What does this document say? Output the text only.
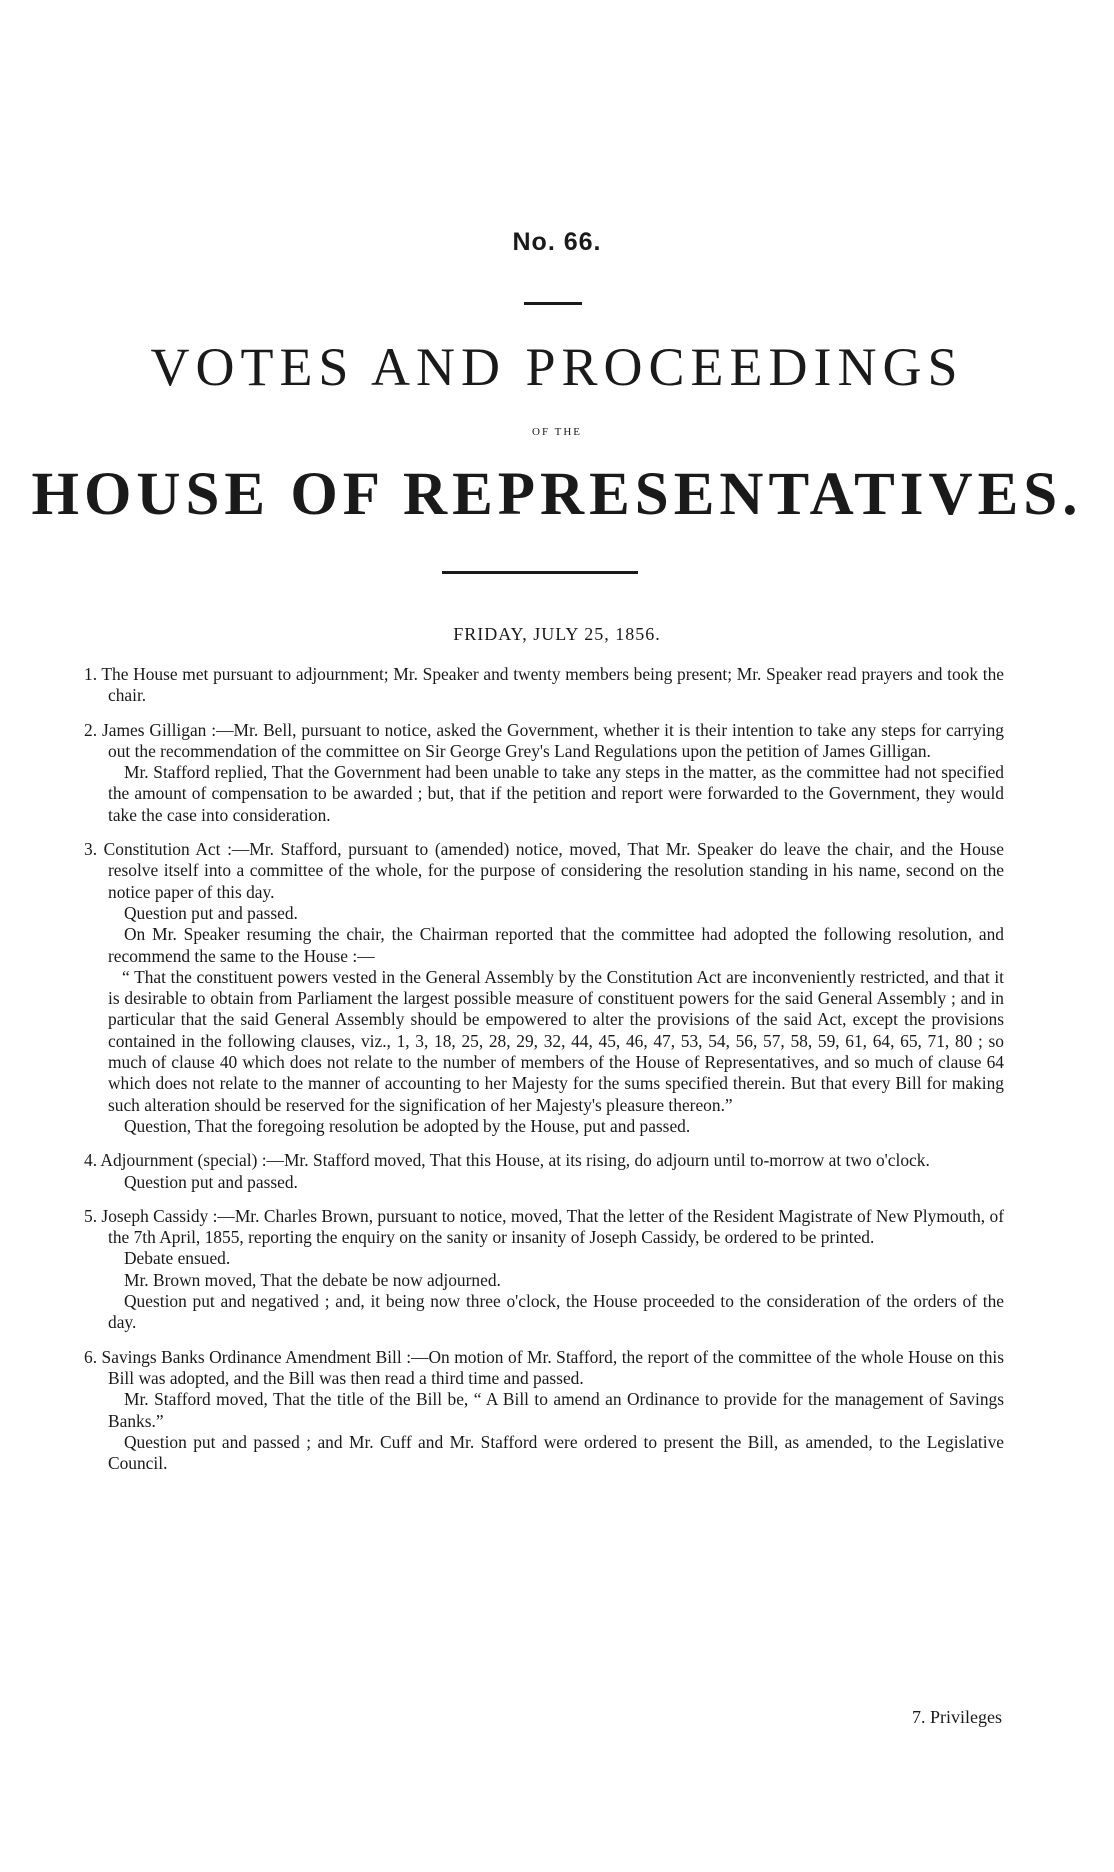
No. 66.
VOTES AND PROCEEDINGS
OF THE
HOUSE OF REPRESENTATIVES.
FRIDAY, JULY 25, 1856.

1. The House met pursuant to adjournment; Mr. Speaker and twenty members being present; Mr. Speaker read prayers and took the chair.

2. James Gilligan :—Mr. Bell, pursuant to notice, asked the Government, whether it is their intention to take any steps for carrying out the recommendation of the committee on Sir George Grey's Land Regulations upon the petition of James Gilligan.

Mr. Stafford replied, That the Government had been unable to take any steps in the matter, as the committee had not specified the amount of compensation to be awarded ; but, that if the petition and report were forwarded to the Government, they would take the case into consideration.

3. Constitution Act :—Mr. Stafford, pursuant to (amended) notice, moved, That Mr. Speaker do leave the chair, and the House resolve itself into a committee of the whole, for the purpose of considering the resolution standing in his name, second on the notice paper of this day.

Question put and passed.

On Mr. Speaker resuming the chair, the Chairman reported that the committee had adopted the following resolution, and recommend the same to the House :—

“ That the constituent powers vested in the General Assembly by the Constitution Act are inconveniently restricted, and that it is desirable to obtain from Parliament the largest possible measure of constituent powers for the said General Assembly ; and in particular that the said General Assembly should be empowered to alter the provisions of the said Act, except the provisions contained in the following clauses, viz., 1, 3, 18, 25, 28, 29, 32, 44, 45, 46, 47, 53, 54, 56, 57, 58, 59, 61, 64, 65, 71, 80 ; so much of clause 40 which does not relate to the number of members of the House of Representatives, and so much of clause 64 which does not relate to the manner of accounting to her Majesty for the sums specified therein. But that every Bill for making such alteration should be reserved for the signification of her Majesty's pleasure thereon.”

Question, That the foregoing resolution be adopted by the House, put and passed.

4. Adjournment (special) :—Mr. Stafford moved, That this House, at its rising, do adjourn until to-morrow at two o'clock.

Question put and passed.

5. Joseph Cassidy :—Mr. Charles Brown, pursuant to notice, moved, That the letter of the Resident Magistrate of New Plymouth, of the 7th April, 1855, reporting the enquiry on the sanity or insanity of Joseph Cassidy, be ordered to be printed.

Debate ensued.

Mr. Brown moved, That the debate be now adjourned.

Question put and negatived ; and, it being now three o'clock, the House proceeded to the consideration of the orders of the day.

6. Savings Banks Ordinance Amendment Bill :—On motion of Mr. Stafford, the report of the committee of the whole House on this Bill was adopted, and the Bill was then read a third time and passed.

Mr. Stafford moved, That the title of the Bill be, “ A Bill to amend an Ordinance to provide for the management of Savings Banks.”

Question put and passed ; and Mr. Cuff and Mr. Stafford were ordered to present the Bill, as amended, to the Legislative Council.

7. Privileges
